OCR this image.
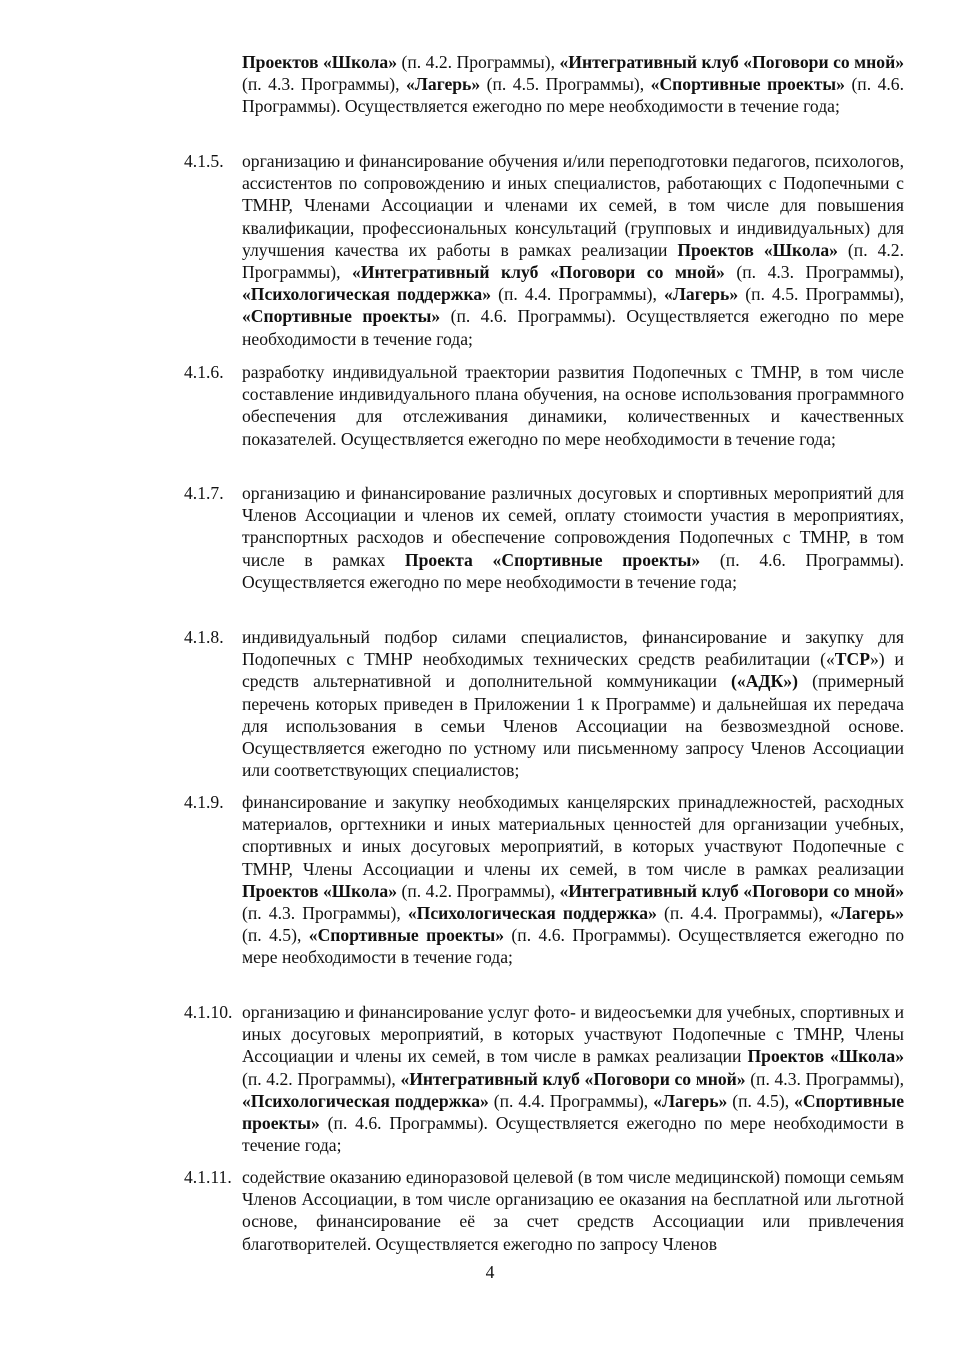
Проектов «Школа» (п. 4.2. Программы), «Интегративный клуб «Поговори со мной» (п. 4.3. Программы), «Лагерь» (п. 4.5. Программы), «Спортивные проекты» (п. 4.6. Программы). Осуществляется ежегодно по мере необходимости в течение года;
4.1.5. организацию и финансирование обучения и/или переподготовки педагогов, психологов, ассистентов по сопровождению и иных специалистов, работающих с Подопечными с ТМНР, Членами Ассоциации и членами их семей, в том числе для повышения квалификации, профессиональных консультаций (групповых и индивидуальных) для улучшения качества их работы в рамках реализации Проектов «Школа» (п. 4.2. Программы), «Интегративный клуб «Поговори со мной» (п. 4.3. Программы), «Психологическая поддержка» (п. 4.4. Программы), «Лагерь» (п. 4.5. Программы), «Спортивные проекты» (п. 4.6. Программы). Осуществляется ежегодно по мере необходимости в течение года;
4.1.6. разработку индивидуальной траектории развития Подопечных с ТМНР, в том числе составление индивидуального плана обучения, на основе использования программного обеспечения для отслеживания динамики, количественных и качественных показателей. Осуществляется ежегодно по мере необходимости в течение года;
4.1.7. организацию и финансирование различных досуговых и спортивных мероприятий для Членов Ассоциации и членов их семей, оплату стоимости участия в мероприятиях, транспортных расходов и обеспечение сопровождения Подопечных с ТМНР, в том числе в рамках Проекта «Спортивные проекты» (п. 4.6. Программы). Осуществляется ежегодно по мере необходимости в течение года;
4.1.8. индивидуальный подбор силами специалистов, финансирование и закупку для Подопечных с ТМНР необходимых технических средств реабилитации («ТСР») и средств альтернативной и дополнительной коммуникации («АДК») (примерный перечень которых приведен в Приложении 1 к Программе) и дальнейшая их передача для использования в семьи Членов Ассоциации на безвозмездной основе. Осуществляется ежегодно по устному или письменному запросу Членов Ассоциации или соответствующих специалистов;
4.1.9. финансирование и закупку необходимых канцелярских принадлежностей, расходных материалов, оргтехники и иных материальных ценностей для организации учебных, спортивных и иных досуговых мероприятий, в которых участвуют Подопечные с ТМНР, Члены Ассоциации и члены их семей, в том числе в рамках реализации Проектов «Школа» (п. 4.2. Программы), «Интегративный клуб «Поговори со мной» (п. 4.3. Программы), «Психологическая поддержка» (п. 4.4. Программы), «Лагерь» (п. 4.5), «Спортивные проекты» (п. 4.6. Программы). Осуществляется ежегодно по мере необходимости в течение года;
4.1.10. организацию и финансирование услуг фото- и видеосъемки для учебных, спортивных и иных досуговых мероприятий, в которых участвуют Подопечные с ТМНР, Члены Ассоциации и члены их семей, в том числе в рамках реализации Проектов «Школа» (п. 4.2. Программы), «Интегративный клуб «Поговори со мной» (п. 4.3. Программы), «Психологическая поддержка» (п. 4.4. Программы), «Лагерь» (п. 4.5), «Спортивные проекты» (п. 4.6. Программы). Осуществляется ежегодно по мере необходимости в течение года;
4.1.11. содействие оказанию единоразовой целевой (в том числе медицинской) помощи семьям Членов Ассоциации, в том числе организацию ее оказания на бесплатной или льготной основе, финансирование её за счет средств Ассоциации или привлечения благотворителей. Осуществляется ежегодно по запросу Членов
4
